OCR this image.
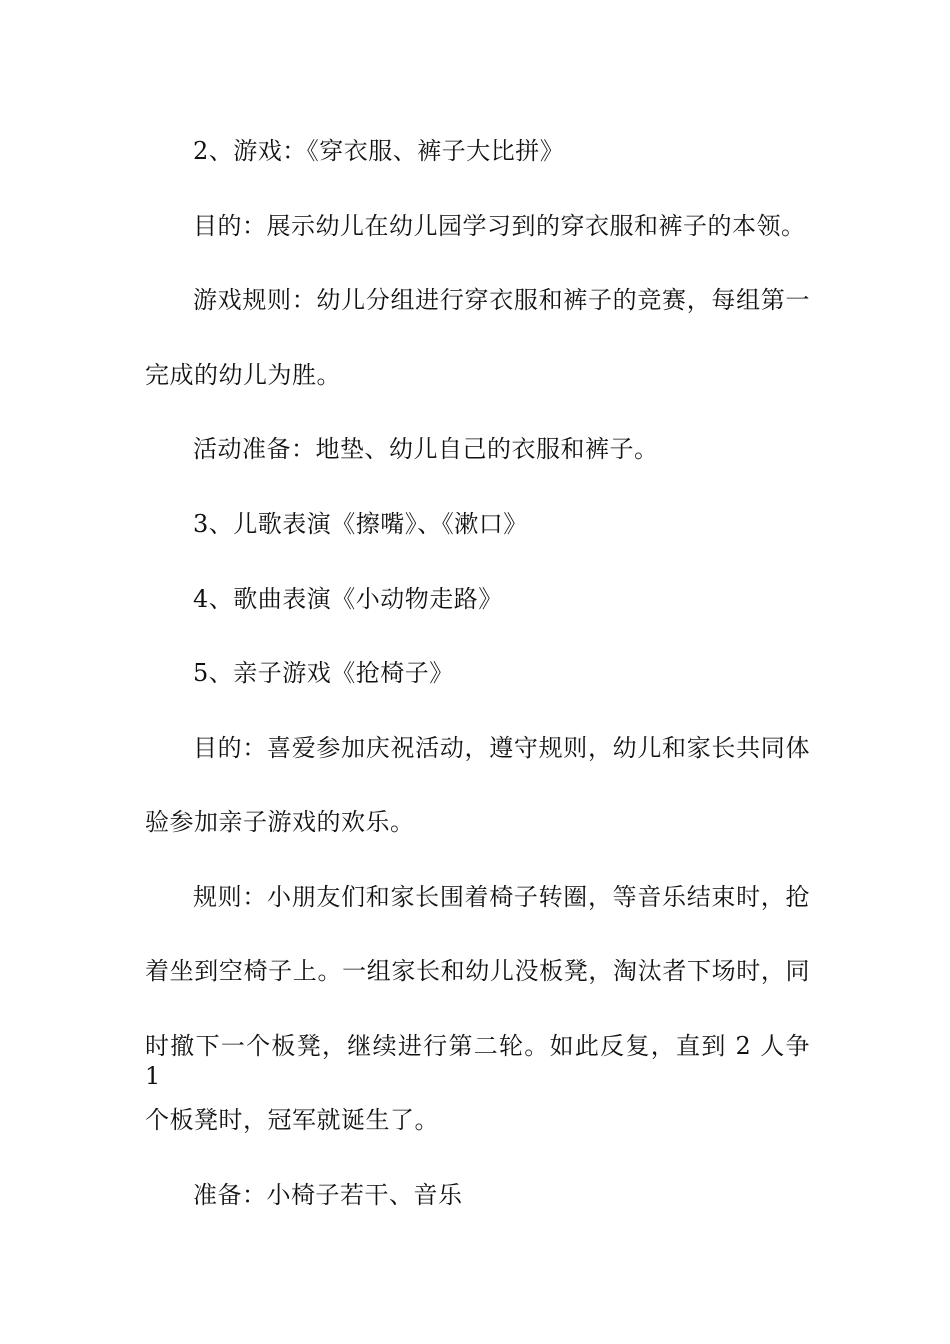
2、游戏：《穿衣服、裤子大比拼》
目的：展示幼儿在幼儿园学习到的穿衣服和裤子的本领。
游戏规则：幼儿分组进行穿衣服和裤子的竞赛，每组第一
完成的幼儿为胜。
活动准备：地垫、幼儿自己的衣服和裤子。
3、儿歌表演《擦嘴》、《漱口》
4、歌曲表演《小动物走路》
5、亲子游戏《抢椅子》
目的：喜爱参加庆祝活动，遵守规则，幼儿和家长共同体
验参加亲子游戏的欢乐。
规则：小朋友们和家长围着椅子转圈，等音乐结束时，抢
着坐到空椅子上。一组家长和幼儿没板凳，淘汰者下场时，同
时撤下一个板凳，继续进行第二轮。如此反复，直到 2 人争 1
个板凳时，冠军就诞生了。
准备：小椅子若干、音乐
